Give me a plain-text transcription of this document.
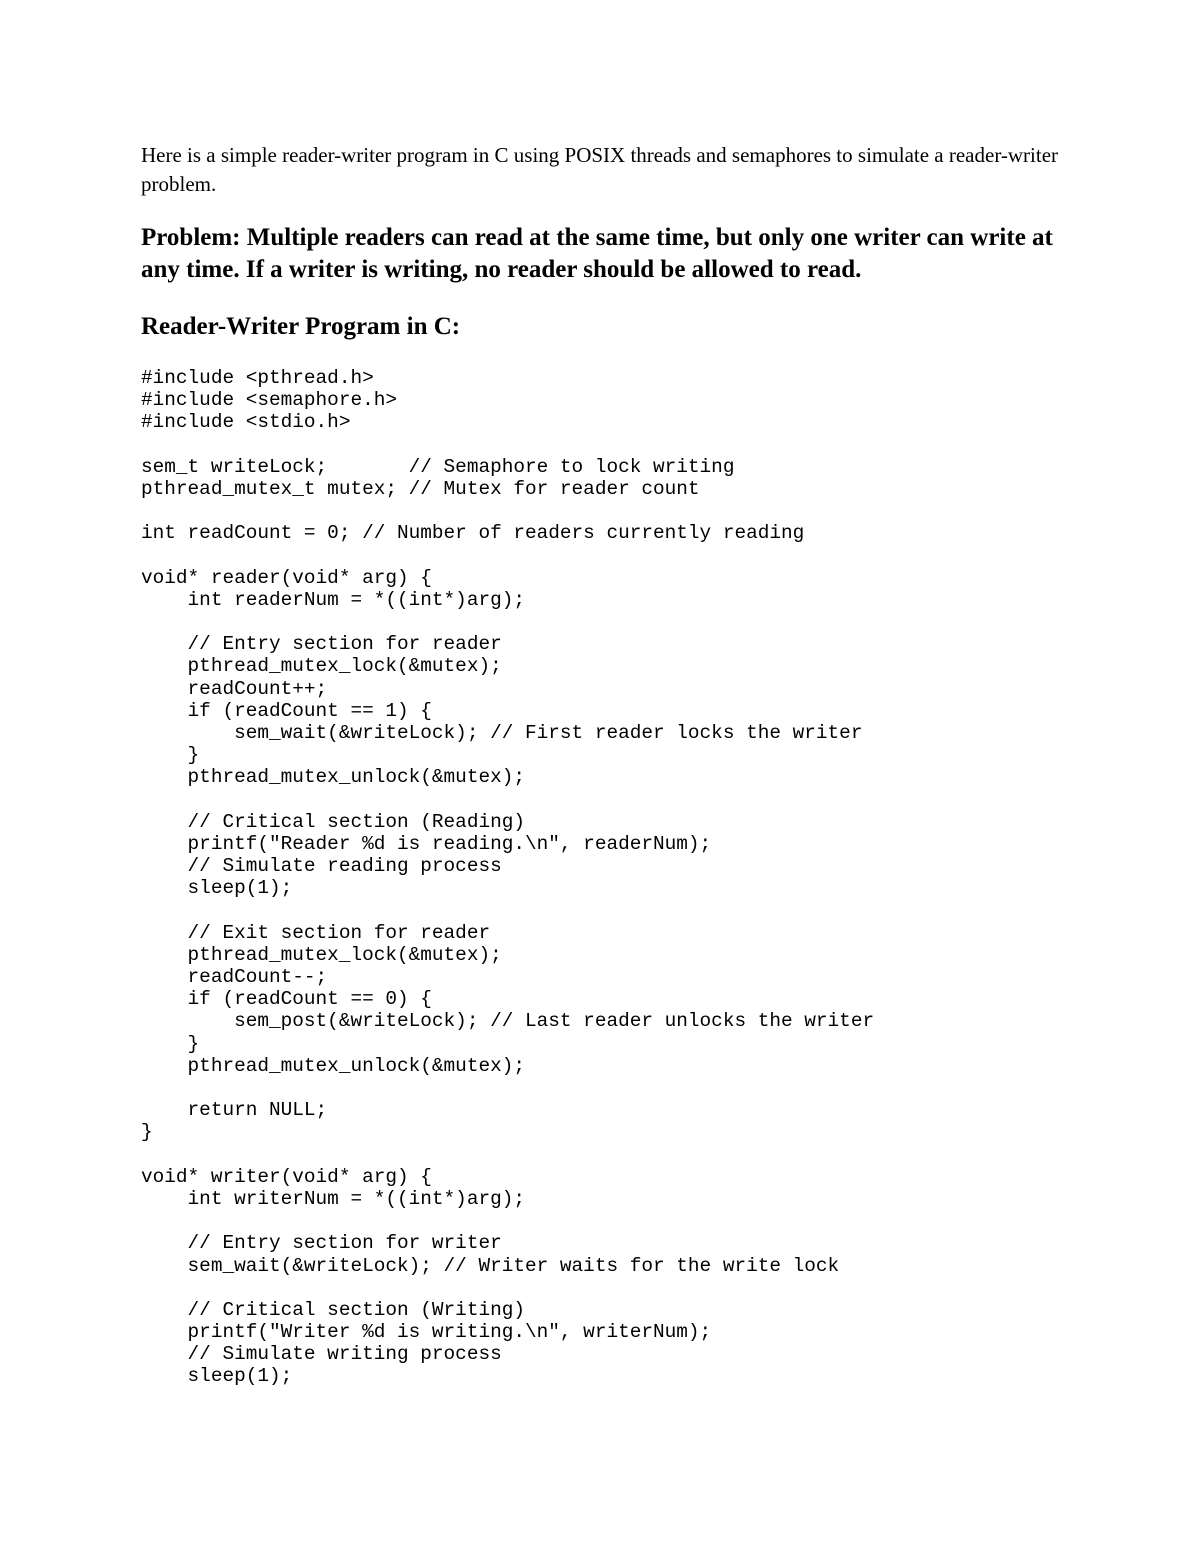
Here is a simple reader-writer program in C using POSIX threads and semaphores to simulate a reader-writer problem.

Problem: Multiple readers can read at the same time, but only one writer can write at any time. If a writer is writing, no reader should be allowed to read.

Reader-Writer Program in C:
#include <pthread.h>
#include <semaphore.h>
#include <stdio.h>
sem_t writeLock;       // Semaphore to lock writing
pthread_mutex_t mutex; // Mutex for reader count
int readCount = 0; // Number of readers currently reading
void* reader(void* arg) {
int readerNum = *((int*)arg);
// Entry section for reader
pthread_mutex_lock(&mutex);
readCount++;
if (readCount == 1) {
sem_wait(&writeLock); // First reader locks the writer
}
pthread_mutex_unlock(&mutex);
// Critical section (Reading)
printf("Reader %d is reading.\n", readerNum);
// Simulate reading process
sleep(1);
// Exit section for reader
pthread_mutex_lock(&mutex);
readCount--;
if (readCount == 0) {
sem_post(&writeLock); // Last reader unlocks the writer
}
pthread_mutex_unlock(&mutex);
return NULL;
}
void* writer(void* arg) {
int writerNum = *((int*)arg);
// Entry section for writer
sem_wait(&writeLock); // Writer waits for the write lock
// Critical section (Writing)
printf("Writer %d is writing.\n", writerNum);
// Simulate writing process
sleep(1);
